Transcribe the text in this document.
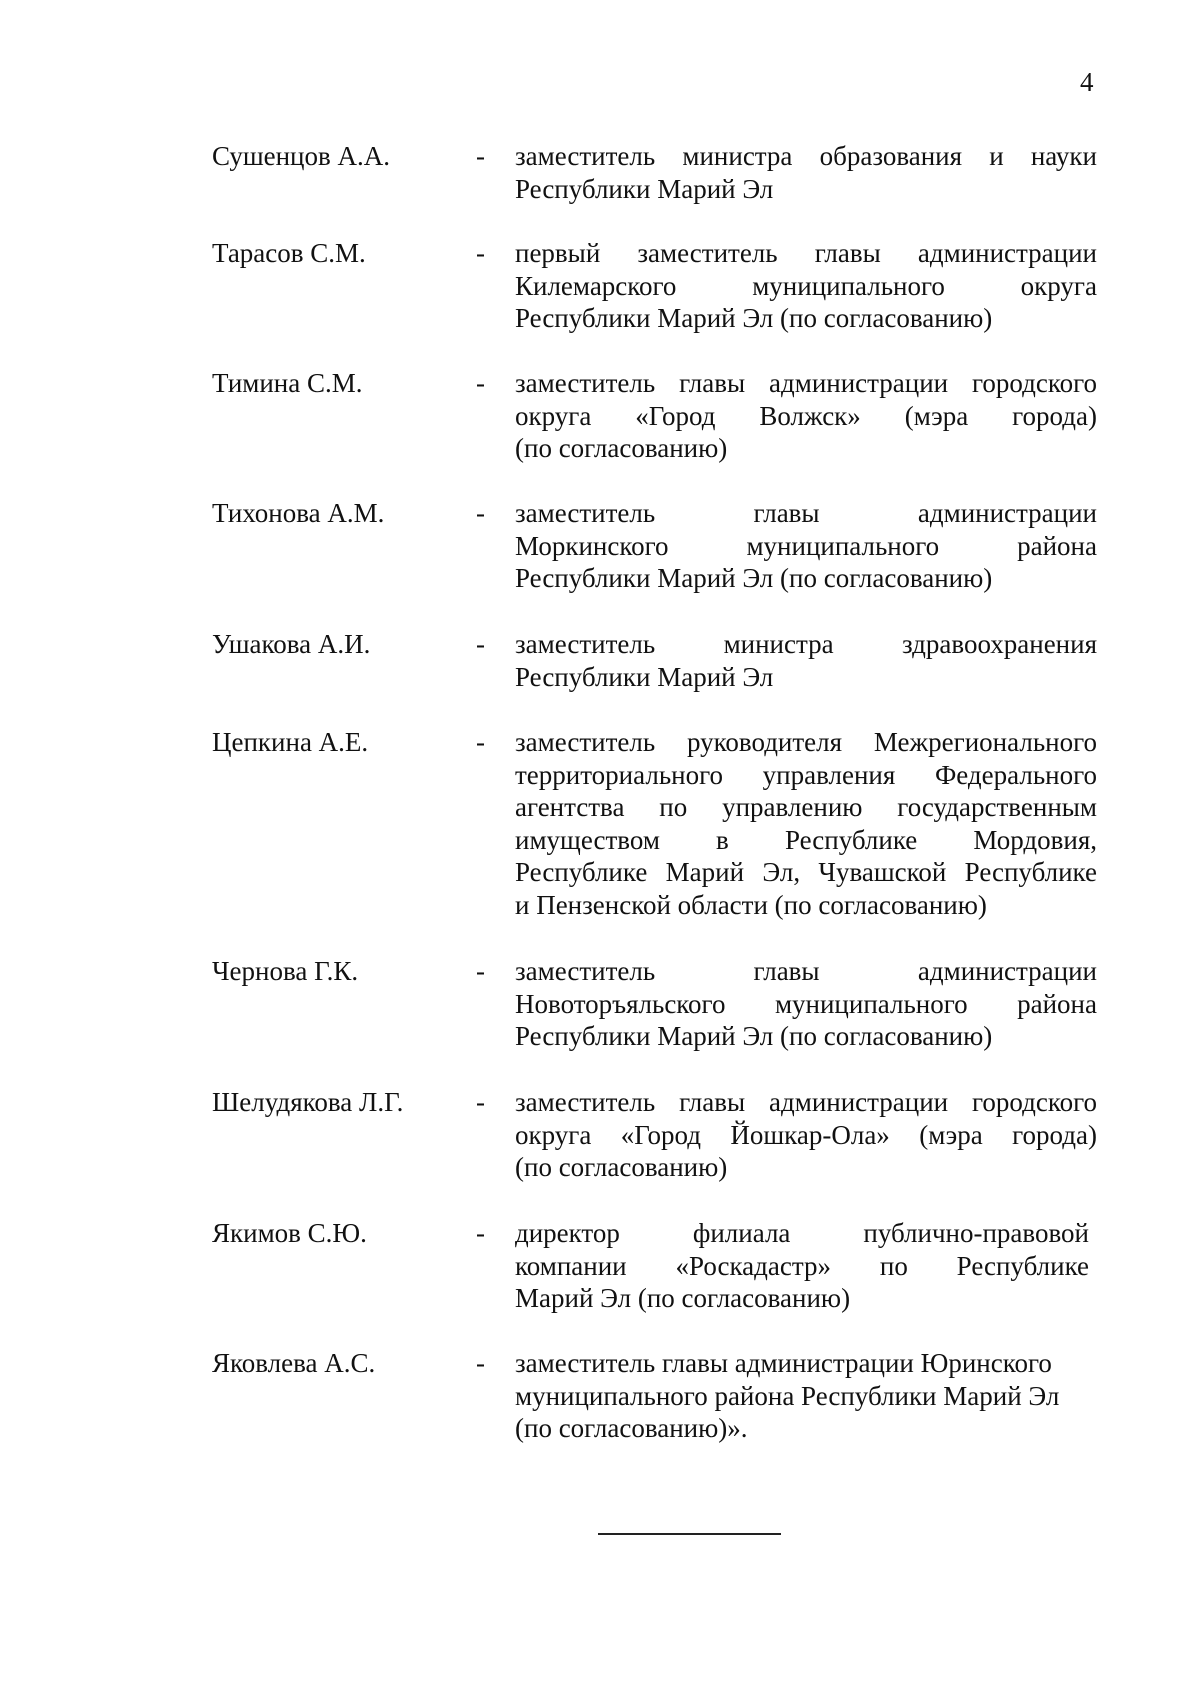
4
Сушенцов А.А.	- заместитель министра образования и науки
Республики Марий Эл
Тарасов С.М.	- первый заместитель главы администрации
Килемарского муниципального округа
Республики Марий Эл (по согласованию)
Тимина С.М.	- заместитель главы администрации городского
округа «Город Волжск» (мэра города)
(по согласованию)
Тихонова А.М.	- заместитель главы администрации
Моркинского муниципального района
Республики Марий Эл (по согласованию)
Ушакова А.И.	- заместитель министра здравоохранения
Республики Марий Эл
Цепкина А.Е.	- заместитель руководителя Межрегионального
территориального управления Федерального
агентства по управлению государственным
имуществом в Республике Мордовия,
Республике Марий Эл, Чувашской Республике
и Пензенской области (по согласованию)
Чернова Г.К.	- заместитель главы администрации
Новоторъяльского муниципального района
Республики Марий Эл (по согласованию)
Шелудякова Л.Г.	- заместитель главы администрации городского
округа «Город Йошкар-Ола» (мэра города)
(по согласованию)
Якимов С.Ю.	- директор филиала публично-правовой
компании «Роскадастр» по Республике
Марий Эл (по согласованию)
Яковлева А.С.	- заместитель главы администрации Юринского
муниципального района Республики Марий Эл
(по согласованию)».
